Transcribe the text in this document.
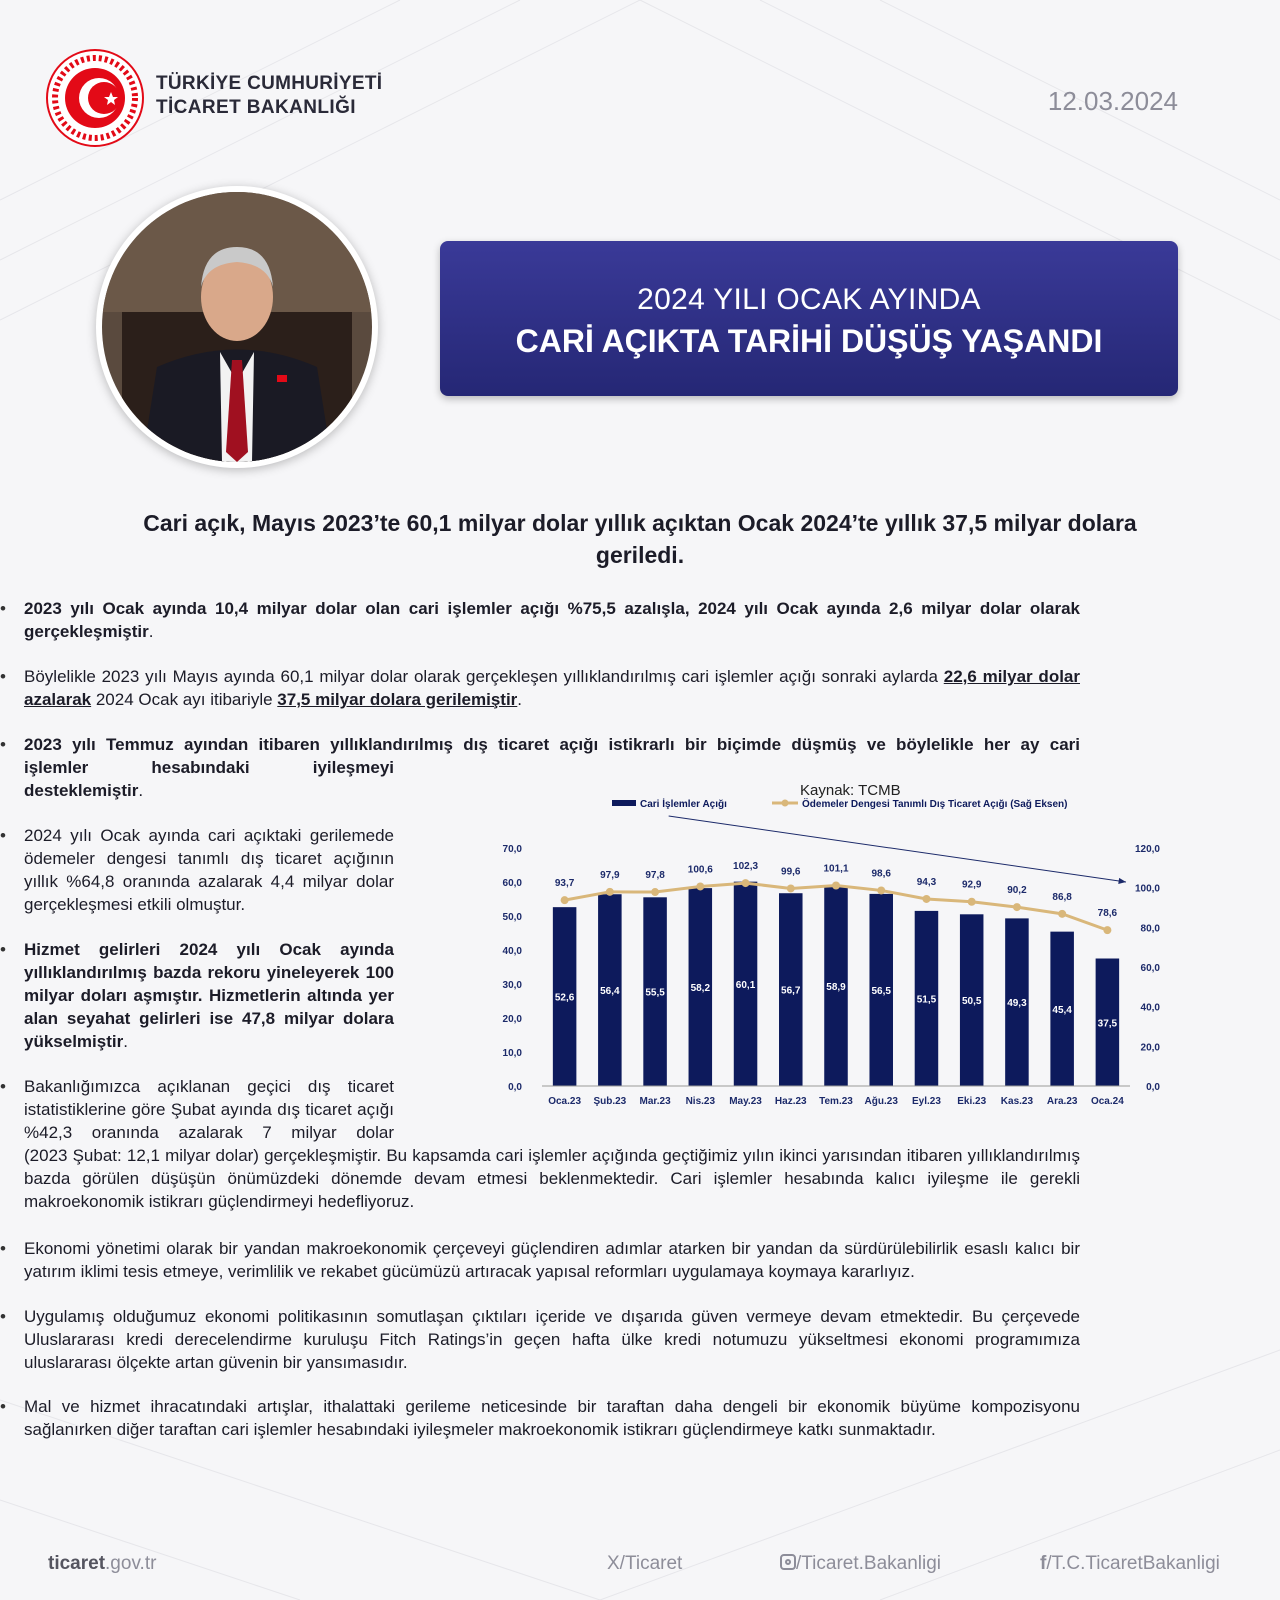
TÜRKİYE CUMHURİYETİ
TİCARET BAKANLIĞI	12.03.2024
2024 YILI OCAK AYINDA
CARİ AÇIKTA TARİHİ DÜŞÜŞ YAŞANDI
Cari açık, Mayıs 2023’te 60,1 milyar dolar yıllık açıktan Ocak 2024’te yıllık 37,5 milyar dolara geriledi.
• 2023 yılı Ocak ayında 10,4 milyar dolar olan cari işlemler açığı %75,5 azalışla, 2024 yılı Ocak ayında 2,6 milyar dolar olarak gerçekleşmiştir.
• Böylelikle 2023 yılı Mayıs ayında 60,1 milyar dolar olarak gerçekleşen yıllıklandırılmış cari işlemler açığı sonraki aylarda 22,6 milyar dolar azalarak 2024 Ocak ayı itibariyle 37,5 milyar dolara gerilemiştir.
• 2023 yılı Temmuz ayından itibaren yıllıklandırılmış dış ticaret açığı istikrarlı bir biçimde düşmüş ve böylelikle her ay cari
işlemler hesabındaki iyileşmeyi
desteklemiştir.
• 2024 yılı Ocak ayında cari açıktaki gerilemede ödemeler dengesi tanımlı dış ticaret açığının yıllık %64,8 oranında azalarak 4,4 milyar dolar gerçekleşmesi etkili olmuştur.
• Hizmet gelirleri 2024 yılı Ocak ayında yıllıklandırılmış bazda rekoru yineleyerek 100 milyar doları aşmıştır. Hizmetlerin altında yer alan seyahat gelirleri ise 47,8 milyar dolara yükselmiştir.
• Bakanlığımızca açıklanan geçici dış ticaret istatistiklerine göre Şubat ayında dış ticaret açığı %42,3 oranında azalarak 7 milyar dolar
(2023 Şubat: 12,1 milyar dolar) gerçekleşmiştir. Bu kapsamda cari işlemler açığında geçtiğimiz yılın ikinci yarısından itibaren yıllıklandırılmış bazda görülen düşüşün önümüzdeki dönemde devam etmesi beklenmektedir. Cari işlemler hesabında kalıcı iyileşme ile gerekli makroekonomik istikrarı güçlendirmeyi hedefliyoruz.
• Ekonomi yönetimi olarak bir yandan makroekonomik çerçeveyi güçlendiren adımlar atarken bir yandan da sürdürülebilirlik esaslı kalıcı bir yatırım iklimi tesis etmeye, verimlilik ve rekabet gücümüzü artıracak yapısal reformları uygulamaya koymaya kararlıyız.
• Uygulamış olduğumuz ekonomi politikasının somutlaşan çıktıları içeride ve dışarıda güven vermeye devam etmektedir. Bu çerçevede Uluslararası kredi derecelendirme kuruluşu Fitch Ratings’in geçen hafta ülke kredi notumuzu yükseltmesi ekonomi programımıza uluslararası ölçekte artan güvenin bir yansımasıdır.
• Mal ve hizmet ihracatındaki artışlar, ithalattaki gerileme neticesinde bir taraftan daha dengeli bir ekonomik büyüme kompozisyonu sağlanırken diğer taraftan cari işlemler hesabındaki iyileşmeler makroekonomik istikrarı güçlendirmeye katkı sunmaktadır.
Kaynak: TCMB
Cari İşlemler Açığı	Ödemeler Dengesi Tanımlı Dış Ticaret Açığı (Sağ Eksen)
0,0
10,0
20,0
30,0
40,0
50,0
60,0
70,0
0,0
20,0
40,0
60,0
80,0
100,0
120,0
52,6
Oca.23
56,4
Şub.23
55,5
Mar.23
58,2
Nis.23
60,1
May.23
56,7
Haz.23
58,9
Tem.23
56,5
Ağu.23
51,5
Eyl.23
50,5
Eki.23
49,3
Kas.23
45,4
Ara.23
37,5
Oca.24
93,7
97,9	97,8
100,6 102,3 99,6 101,1 98,6
94,3	92,9	90,2
86,8
78,6
ticaret.gov.tr	X/Ticaret	/Ticaret.Bakanligi	f/T.C.TicaretBakanligi
